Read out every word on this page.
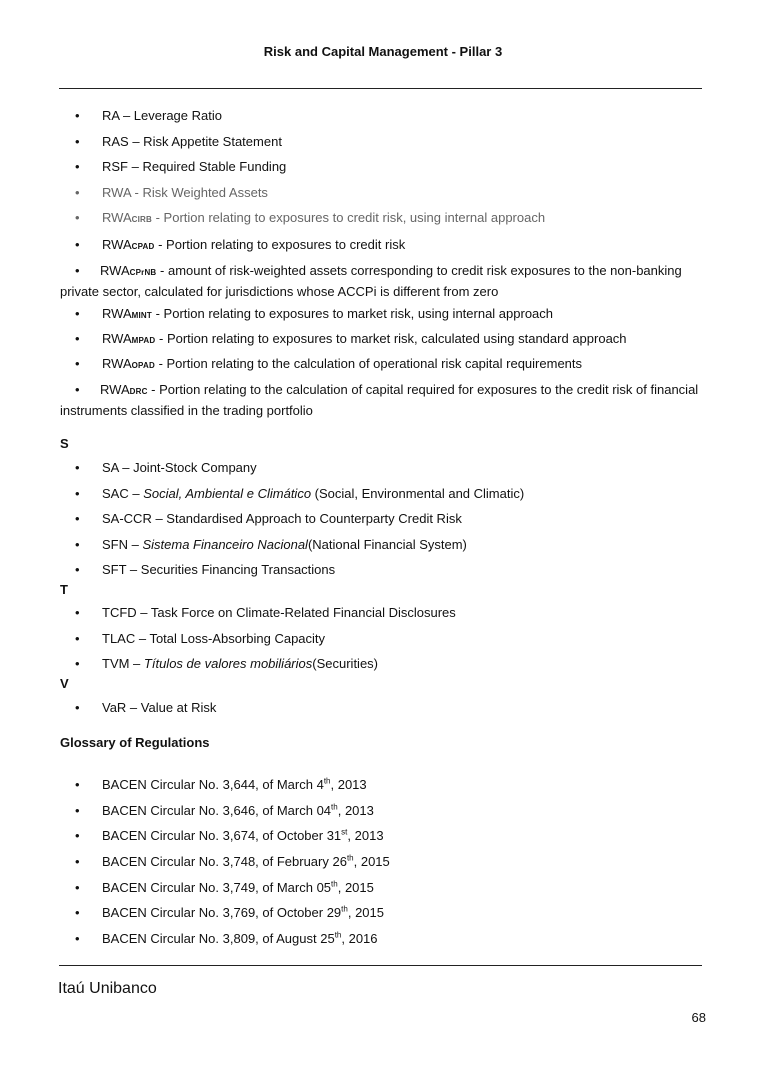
Risk and Capital Management - Pillar 3
•	RA – Leverage Ratio
•	RAS – Risk Appetite Statement
•	RSF – Required Stable Funding
•	RWA - Risk Weighted Assets
•	RWACIRB - Portion relating to exposures to credit risk, using internal approach
•	RWACPAD - Portion relating to exposures to credit risk
•	RWACPrNB - amount of risk-weighted assets corresponding to credit risk exposures to the non-banking private sector, calculated for jurisdictions whose ACCPi is different from zero
•	RWAMINT - Portion relating to exposures to market risk, using internal approach
•	RWAMPAD - Portion relating to exposures to market risk, calculated using standard approach
•	RWAOPAD - Portion relating to the calculation of operational risk capital requirements
•	RWADRC - Portion relating to the calculation of capital required for exposures to the credit risk of financial instruments classified in the trading portfolio
S
•	SA – Joint-Stock Company
•	SAC – Social, Ambiental e Climático (Social, Environmental and Climatic)
•	SA-CCR – Standardised Approach to Counterparty Credit Risk
•	SFN – Sistema Financeiro Nacional(National Financial System)
•	SFT – Securities Financing Transactions
T
•	TCFD – Task Force on Climate-Related Financial Disclosures
•	TLAC – Total Loss-Absorbing Capacity
•	TVM – Títulos de valores mobiliários(Securities)
V
•	VaR – Value at Risk
Glossary of Regulations
•	BACEN Circular No. 3,644, of March 4th, 2013
•	BACEN Circular No. 3,646, of March 04th, 2013
•	BACEN Circular No. 3,674, of October 31st, 2013
•	BACEN Circular No. 3,748, of February 26th, 2015
•	BACEN Circular No. 3,749, of March 05th, 2015
•	BACEN Circular No. 3,769, of October 29th, 2015
•	BACEN Circular No. 3,809, of August 25th, 2016
Itaú Unibanco
68
